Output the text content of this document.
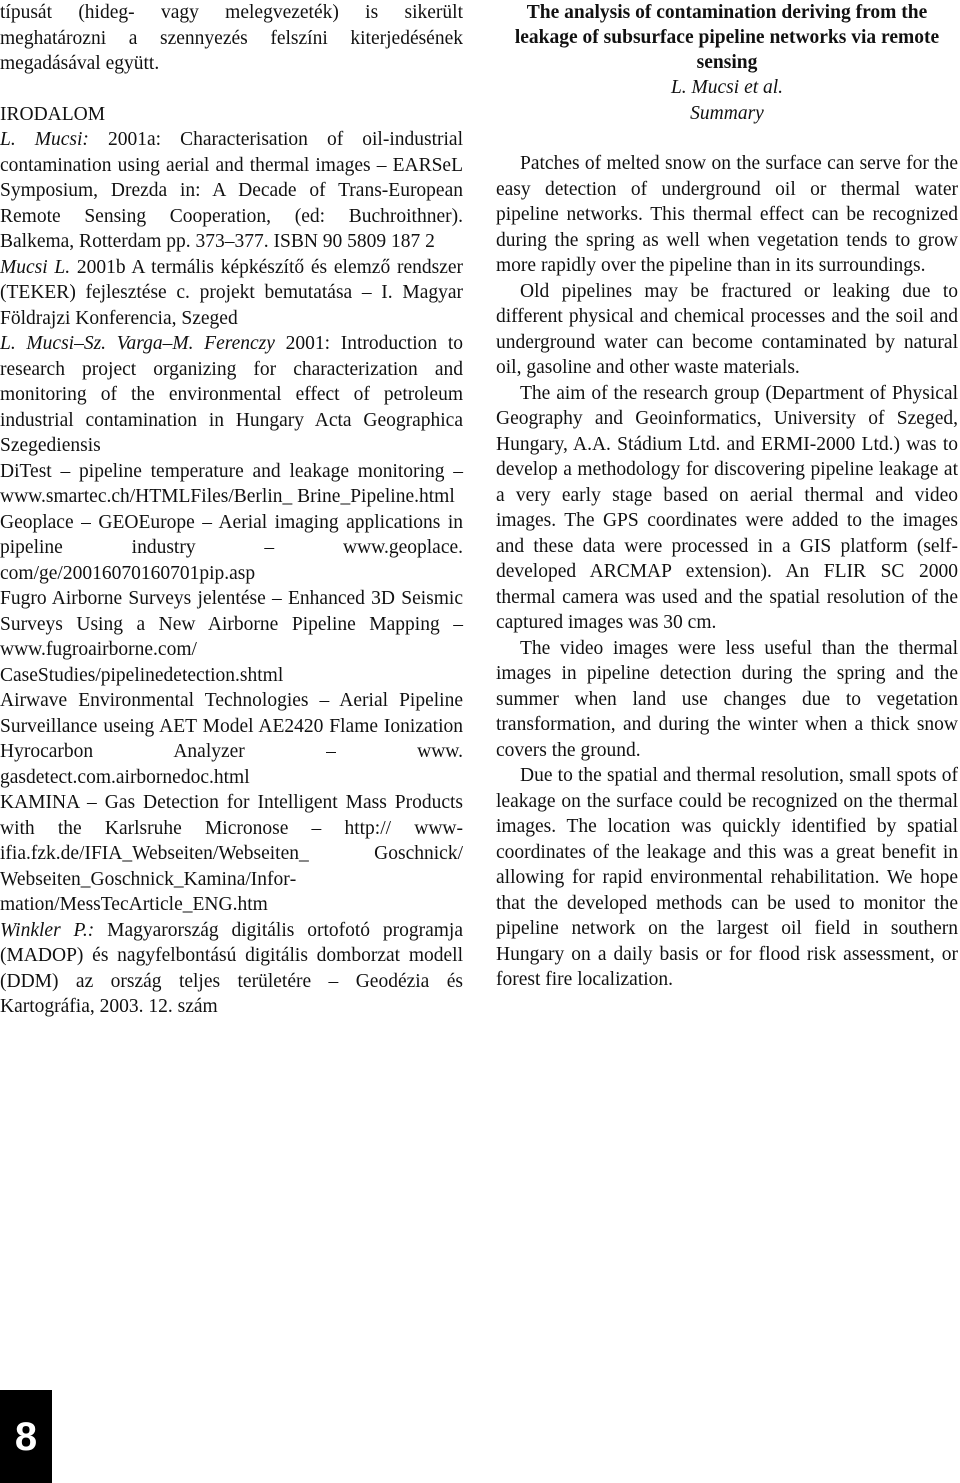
típusát (hideg- vagy melegvezeték) is sikerült meghatározni a szennyezés felszíni kiterjedésének megadásával együtt.

IRODALOM

L. Mucsi: 2001a: Characterisation of oil-industrial contamination using aerial and thermal images – EARSeL Symposium, Drezda in: A Decade of Trans-European Remote Sensing Cooperation, (ed: Buchroithner). Balkema, Rotterdam pp. 373–377. ISBN 90 5809 187 2

Mucsi L. 2001b A termális képkészítő és elemző rendszer (TEKER) fejlesztése c. projekt bemutatása – I. Magyar Földrajzi Konferencia, Szeged

L. Mucsi–Sz. Varga–M. Ferenczy 2001: Introduction to research project organizing for characterization and monitoring of the environmental effect of petroleum industrial contamination in Hungary Acta Geographica Szegediensis

DiTest – pipeline temperature and leakage monitoring – www.smartec.ch/HTMLFiles/Berlin_ Brine_Pipeline.html

Geoplace – GEOEurope – Aerial imaging applications in pipeline industry – www.geoplace. com/ge/20016070160701pip.asp

Fugro Airborne Surveys jelentése – Enhanced 3D Seismic Surveys Using a New Airborne Pipeline Mapping – www.fugroairborne.com/ CaseStudies/pipelinedetection.shtml

Airwave Environmental Technologies – Aerial Pipeline Surveillance useing AET Model AE2420 Flame Ionization Hyrocarbon Analyzer – www. gasdetect.com.airbornedoc.html

KAMINA – Gas Detection for Intelligent Mass Products with the Karlsruhe Micronose – http:// www-ifia.fzk.de/IFIA_Webseiten/Webseiten_ Goschnick/ Webseiten_Goschnick_Kamina/Information/MessTecArticle_ENG.htm

Winkler P.: Magyarország digitális ortofotó programja (MADOP) és nagyfelbontású digitális domborzat modell (DDM) az ország teljes területére – Geodézia és Kartográfia, 2003. 12. szám

The analysis of contamination deriving from the leakage of subsurface pipeline networks via remote sensing

L. Mucsi et al.

Summary

Patches of melted snow on the surface can serve for the easy detection of underground oil or thermal water pipeline networks. This thermal effect can be recognized during the spring as well when vegetation tends to grow more rapidly over the pipeline than in its surroundings.

Old pipelines may be fractured or leaking due to different physical and chemical processes and the soil and underground water can become contaminated by natural oil, gasoline and other waste materials.

The aim of the research group (Department of Physical Geography and Geoinformatics, University of Szeged, Hungary, A.A. Stádium Ltd. and ERMI-2000 Ltd.) was to develop a methodology for discovering pipeline leakage at a very early stage based on aerial thermal and video images. The GPS coordinates were added to the images and these data were processed in a GIS platform (self-developed ARCMAP extension). An FLIR SC 2000 thermal camera was used and the spatial resolution of the captured images was 30 cm.

The video images were less useful than the thermal images in pipeline detection during the spring and the summer when land use changes due to vegetation transformation, and during the winter when a thick snow covers the ground.

Due to the spatial and thermal resolution, small spots of leakage on the surface could be recognized on the thermal images. The location was quickly identified by spatial coordinates of the leakage and this was a great benefit in allowing for rapid environmental rehabilitation. We hope that the developed methods can be used to monitor the pipeline network on the largest oil field in southern Hungary on a daily basis or for flood risk assessment, or forest fire localization.

8
